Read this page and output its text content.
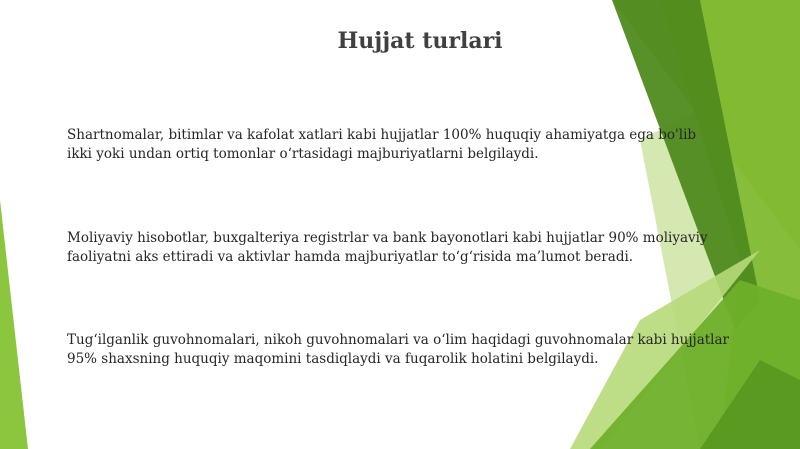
Hujjat turlari

Shartnomalar, bitimlar va kafolat xatlari kabi hujjatlar 100% huquqiy ahamiyatga ega bo'lib
ikki yoki undan ortiq tomonlar o‘rtasidagi majburiyatlarni belgilaydi.

Moliyaviy hisobotlar, buxgalteriya registrlar va bank bayonotlari kabi hujjatlar 90% moliyaviy
faoliyatni aks ettiradi va aktivlar hamda majburiyatlar to‘g‘risida ma’lumot beradi.

Tug‘ilganlik guvohnomalari, nikoh guvohnomalari va o‘lim haqidagi guvohnomalar kabi hujjatlar
95% shaxsning huquqiy maqomini tasdiqlaydi va fuqarolik holatini belgilaydi.
